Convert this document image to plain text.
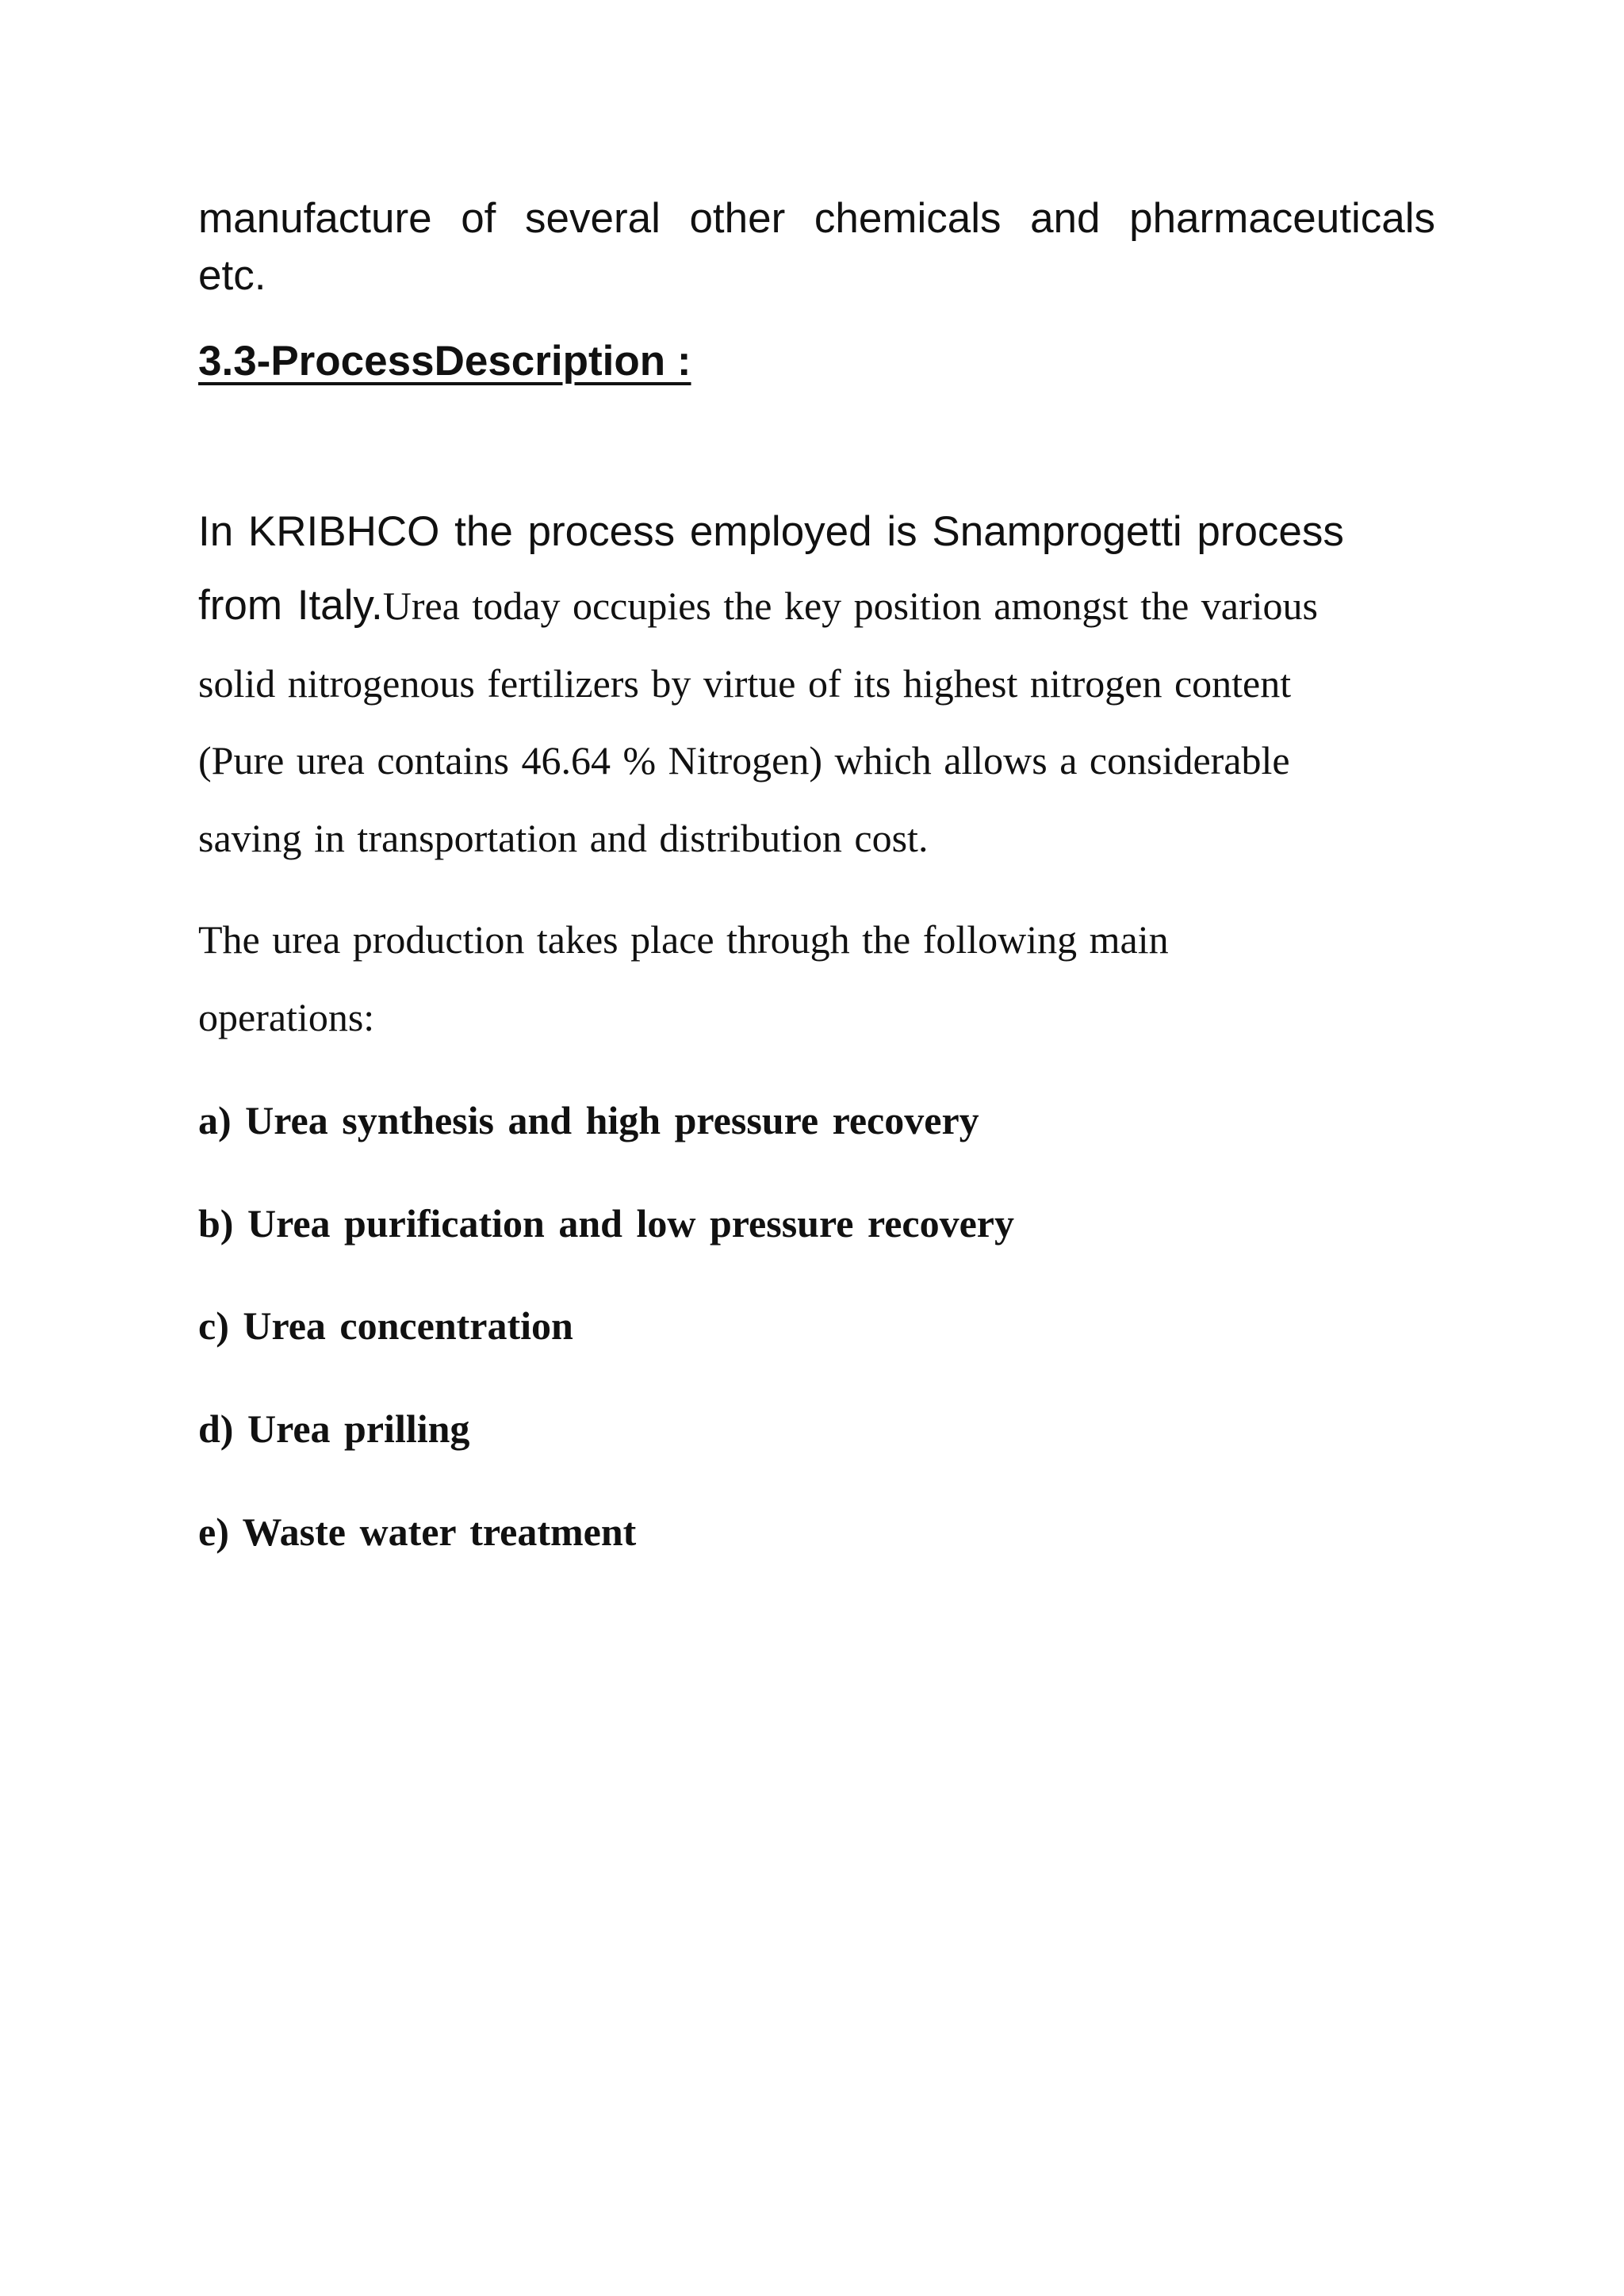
manufacture of several other chemicals and pharmaceuticals
etc.
3.3-ProcessDescription :
In KRIBHCO the process employed is Snamprogetti process
from Italy.Urea today occupies the key position amongst the various
solid nitrogenous fertilizers by virtue of its highest nitrogen content
(Pure urea contains 46.64 % Nitrogen) which allows a considerable
saving in transportation and distribution cost.
The urea production takes place through the following main
operations:
a) Urea synthesis and high pressure recovery
b) Urea purification and low pressure recovery
c) Urea concentration
d) Urea prilling
e) Waste water treatment
